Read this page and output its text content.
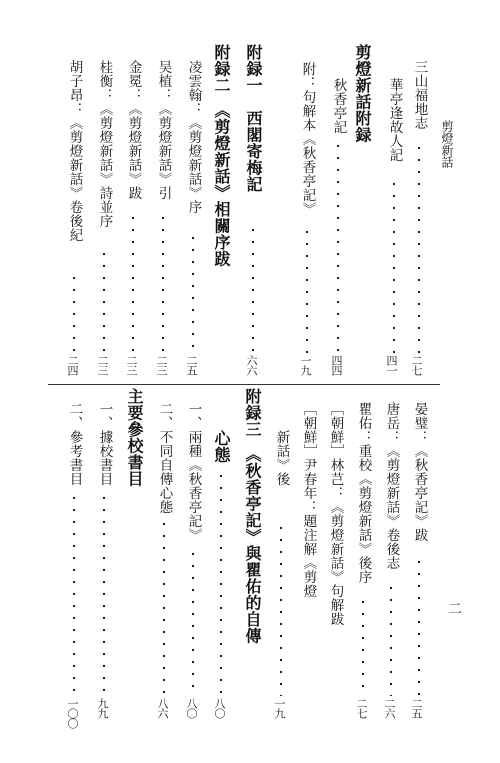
剪燈新話
二
三山福地志
二七
華亭逢故人記
四一
剪燈新話附録
秋香亭記
四四
附：句解本《秋香亭記》
一九
附録一　西閣寄梅記
六六
附録二　《剪燈新話》相關序跋
凌雲翰：《剪燈新話》序
二五
吴植：《剪燈新話》引
二三
金冕：《剪燈新話》跋
二三
桂衡：《剪燈新話》詩並序
二三
胡子昂：《剪燈新話》卷後紀
二四
晏璧：《秋香亭記》跋
二五
唐岳：《剪燈新話》卷後志
二六
瞿佑：重校《剪燈新話》後序
二七
［朝鮮］林芑：《剪燈新話》句解跋
［朝鮮］尹春年：題注解《剪燈
新話》後
一九
附録三　《秋香亭記》與瞿佑的自傳
心態
八〇
一、兩種《秋香亭記》
八〇
二、不同自傳心態
八六
主要參校書目
一、據校書目
九九
二、參考書目
一〇〇
